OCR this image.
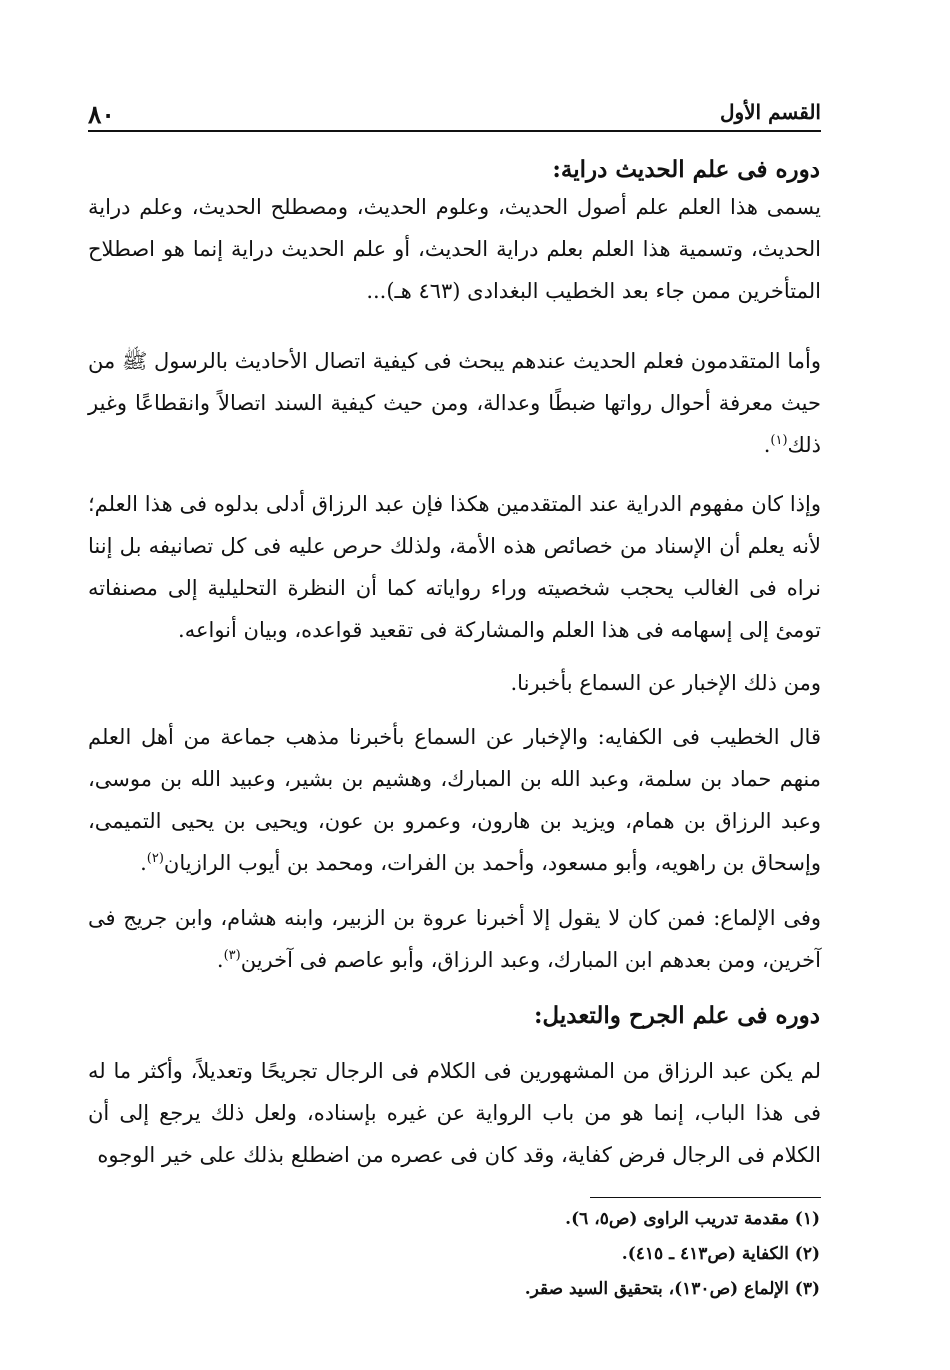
٨٠	القسم الأول
دوره فى علم الحديث دراية:

يسمى هذا العلم علم أصول الحديث، وعلوم الحديث، ومصطلح الحديث، وعلم دراية الحديث، وتسمية هذا العلم بعلم دراية الحديث، أو علم الحديث دراية إنما هو اصطلاح المتأخرين ممن جاء بعد الخطيب البغدادى (٤٦٣ هـ)...

وأما المتقدمون فعلم الحديث عندهم يبحث فى كيفية اتصال الأحاديث بالرسول ﷺ من حيث معرفة أحوال رواتها ضبطًا وعدالة، ومن حيث كيفية السند اتصالاً وانقطاعًا وغير ذلك$^{(١)}$.

وإذا كان مفهوم الدراية عند المتقدمين هكذا فإن عبد الرزاق أدلى بدلوه فى هذا العلم؛ لأنه يعلم أن الإسناد من خصائص هذه الأمة، ولذلك حرص عليه فى كل تصانيفه بل إننا نراه فى الغالب يحجب شخصيته وراء رواياته كما أن النظرة التحليلية إلى مصنفاته تومئ إلى إسهامه فى هذا العلم والمشاركة فى تقعيد قواعده، وبيان أنواعه.

ومن ذلك الإخبار عن السماع بأخبرنا.

قال الخطيب فى الكفايه: والإخبار عن السماع بأخبرنا مذهب جماعة من أهل العلم منهم حماد بن سلمة، وعبد الله بن المبارك، وهشيم بن بشير، وعبيد الله بن موسى، وعبد الرزاق بن همام، ويزيد بن هارون، وعمرو بن عون، ويحيى بن يحيى التميمى، وإسحاق بن راهويه، وأبو مسعود، وأحمد بن الفرات، ومحمد بن أيوب الرازيان$^{(٢)}$.

وفى الإلماع: فمن كان لا يقول إلا أخبرنا عروة بن الزبير، وابنه هشام، وابن جريج فى آخرين، ومن بعدهم ابن المبارك، وعبد الرزاق، وأبو عاصم فى آخرين$^{(٣)}$.

دوره فى علم الجرح والتعديل:

لم يكن عبد الرزاق من المشهورين فى الكلام فى الرجال تجريحًا وتعديلاً، وأكثر ما له فى هذا الباب، إنما هو من باب الرواية عن غيره بإسناده، ولعل ذلك يرجع إلى أن الكلام فى الرجال فرض كفاية، وقد كان فى عصره من اضطلع بذلك على خير الوجوه

(١) مقدمة تدريب الراوى (ص٥، ٦).
(٢) الكفاية (ص٤١٣ ـ ٤١٥).
(٣) الإلماع (ص١٣٠)، بتحقيق السيد صقر.
